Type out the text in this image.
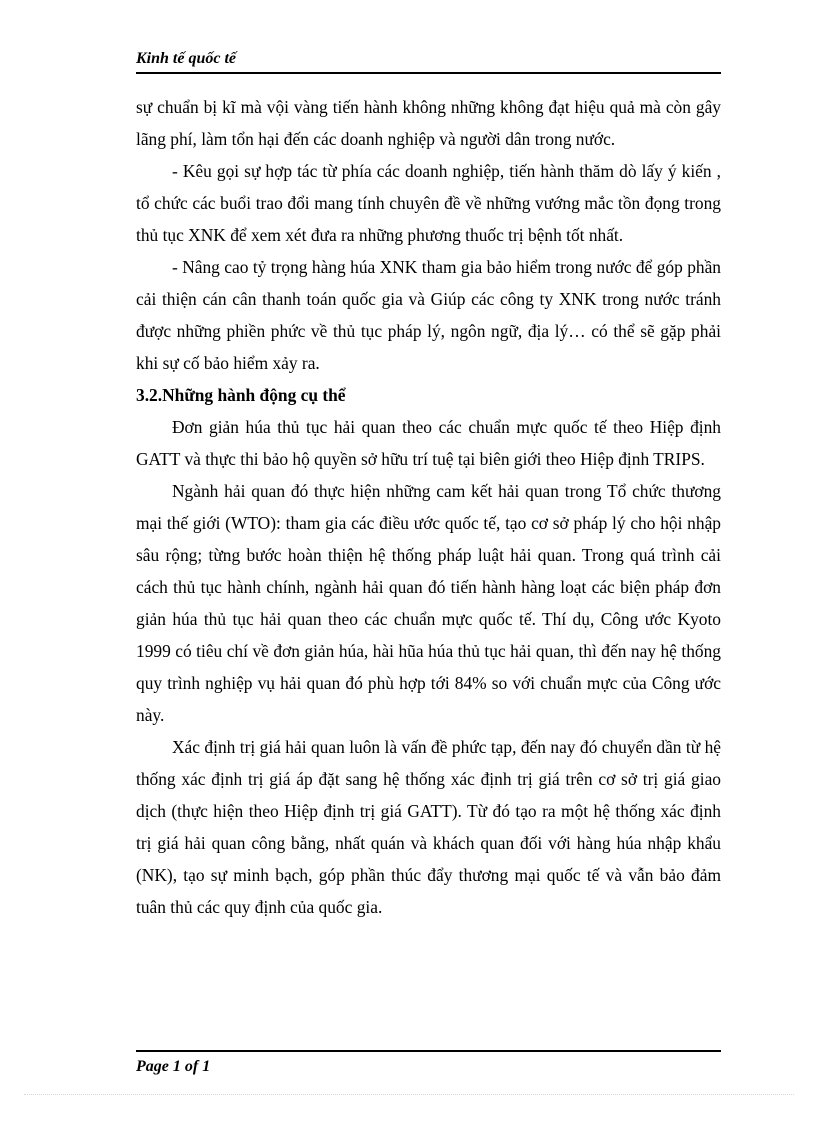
Kinh tế quốc tế

sự chuẩn bị kĩ mà vội vàng tiến hành không những không đạt hiệu quả mà còn gây lãng phí, làm tổn hại đến các doanh nghiệp và người dân trong nước.

- Kêu gọi sự hợp tác từ phía các doanh nghiệp, tiến hành thăm dò lấy ý kiến , tổ chức các buổi trao đổi mang tính chuyên đề về những vướng mắc tồn đọng trong thủ tục XNK để xem xét đưa ra những phương thuốc trị bệnh tốt nhất.

- Nâng cao tỷ trọng hàng húa XNK tham gia bảo hiểm trong nước để góp phần cải thiện cán cân thanh toán quốc gia và Giúp các công ty XNK trong nước tránh được những phiền phức về thủ tục pháp lý, ngôn ngữ, địa lý… có thể sẽ gặp phải khi sự cố bảo hiểm xảy ra.

3.2.Những hành động cụ thể

Đơn giản húa thủ tục hải quan theo các chuẩn mực quốc tế theo Hiệp định GATT và thực thi bảo hộ quyền sở hữu trí tuệ tại biên giới theo Hiệp định TRIPS.

Ngành hải quan đó thực hiện những cam kết hải quan trong Tổ chức thương mại thế giới (WTO): tham gia các điều ước quốc tế, tạo cơ sở pháp lý cho hội nhập sâu rộng; từng bước hoàn thiện hệ thống pháp luật hải quan. Trong quá trình cải cách thủ tục hành chính, ngành hải quan đó tiến hành hàng loạt các biện pháp đơn giản húa thủ tục hải quan theo các chuẩn mực quốc tế. Thí dụ, Công ước Kyoto 1999 có tiêu chí về đơn giản húa, hài hũa húa thủ tục hải quan, thì đến nay hệ thống quy trình nghiệp vụ hải quan đó phù hợp tới 84% so với chuẩn mực của Công ước này.

Xác định trị giá hải quan luôn là vấn đề phức tạp, đến nay đó chuyển dần từ hệ thống xác định trị giá áp đặt sang hệ thống xác định trị giá trên cơ sở trị giá giao dịch (thực hiện theo Hiệp định trị giá GATT). Từ đó tạo ra một hệ thống xác định trị giá hải quan công bằng, nhất quán và khách quan đối với hàng húa nhập khẩu (NK), tạo sự minh bạch, góp phần thúc đẩy thương mại quốc tế và vẫn bảo đảm tuân thủ các quy định của quốc gia.

Page 1 of 1
